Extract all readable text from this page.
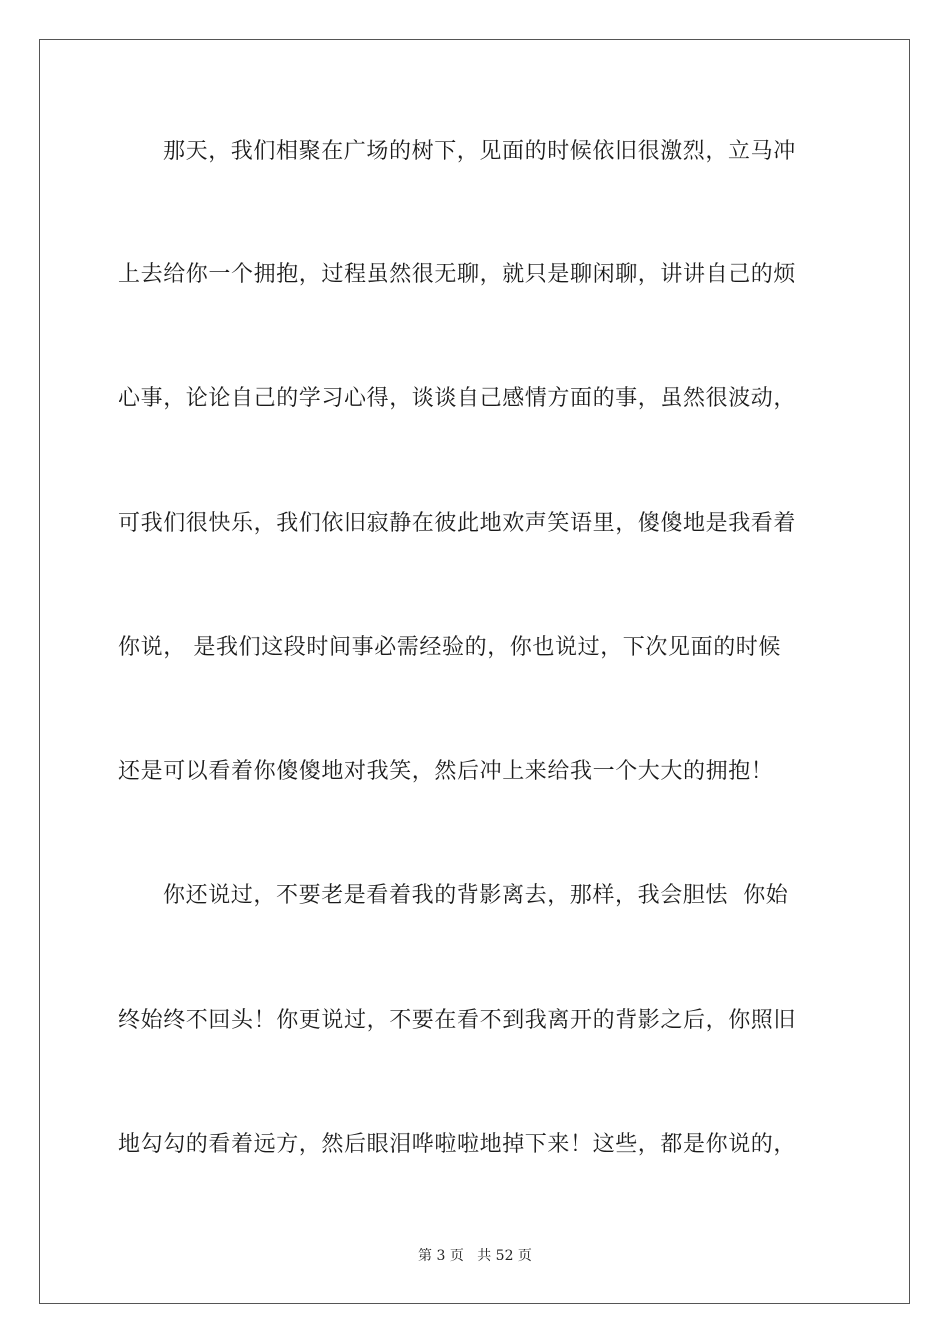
那天，我们相聚在广场的树下，见面的时候依旧很激烈，立马冲
上去给你一个拥抱，过程虽然很无聊，就只是聊闲聊，讲讲自己的烦
心事，论论自己的学习心得，谈谈自己感情方面的事，虽然很波动，
可我们很快乐，我们依旧寂静在彼此地欢声笑语里，傻傻地是我看着
你说， 是我们这段时间事必需经验的，你也说过，下次见面的时候
还是可以看着你傻傻地对我笑，然后冲上来给我一个大大的拥抱！
你还说过，不要老是看着我的背影离去，那样，我会胆怯  你始
终始终不回头！你更说过，不要在看不到我离开的背影之后，你照旧
地勾勾的看着远方，然后眼泪哗啦啦地掉下来！这些，都是你说的，
第 3 页 共 52 页
